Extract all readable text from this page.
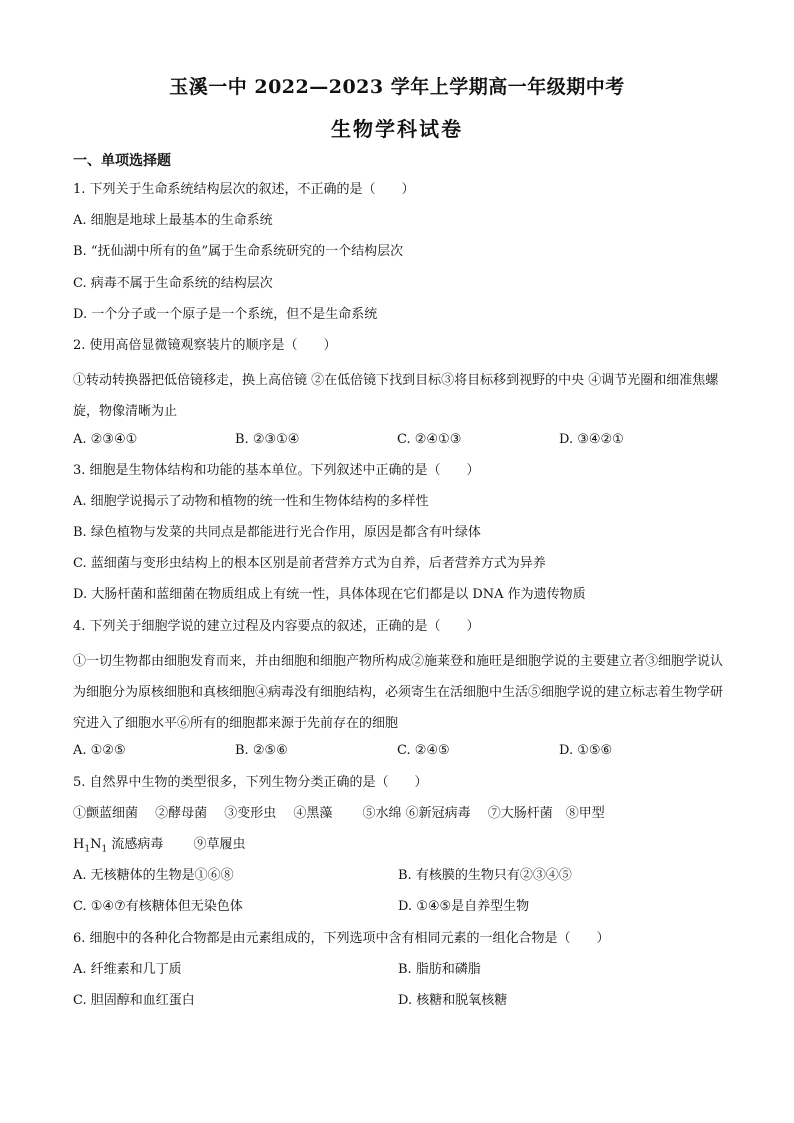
玉溪一中 2022—2023 学年上学期高一年级期中考
生物学科试卷
一、单项选择题
1. 下列关于生命系统结构层次的叙述，不正确的是（　　）
A. 细胞是地球上最基本的生命系统
B. “抚仙湖中所有的鱼”属于生命系统研究的一个结构层次
C. 病毒不属于生命系统的结构层次
D. 一个分子或一个原子是一个系统，但不是生命系统
2. 使用高倍显微镜观察装片的顺序是（　　）
①转动转换器把低倍镜移走，换上高倍镜 ②在低倍镜下找到目标③将目标移到视野的中央 ④调节光圈和细准焦螺旋，物像清晰为止
A. ②③④①	B. ②③①④	C. ②④①③	D. ③④②①
3. 细胞是生物体结构和功能的基本单位。下列叙述中正确的是（　　）
A. 细胞学说揭示了动物和植物的统一性和生物体结构的多样性
B. 绿色植物与发菜的共同点是都能进行光合作用，原因是都含有叶绿体
C. 蓝细菌与变形虫结构上的根本区别是前者营养方式为自养，后者营养方式为异养
D. 大肠杆菌和蓝细菌在物质组成上有统一性，具体体现在它们都是以 DNA 作为遗传物质
4. 下列关于细胞学说的建立过程及内容要点的叙述，正确的是（　　）
①一切生物都由细胞发育而来，并由细胞和细胞产物所构成②施莱登和施旺是细胞学说的主要建立者③细胞学说认为细胞分为原核细胞和真核细胞④病毒没有细胞结构，必须寄生在活细胞中生活⑤细胞学说的建立标志着生物学研究进入了细胞水平⑥所有的细胞都来源于先前存在的细胞
A. ①②⑤	B. ②⑤⑥	C. ②④⑤	D. ①⑤⑥
5. 自然界中生物的类型很多，下列生物分类正确的是（　　）
①颤蓝细菌　 ②酵母菌　 ③变形虫　 ④黑藻　　 ⑤水绵 ⑥新冠病毒　 ⑦大肠杆菌　⑧甲型
$H_1N_1$ 流感病毒　　 ⑨草履虫
A. 无核糖体的生物是①⑥⑧	B. 有核膜的生物只有②③④⑤
C. ①④⑦有核糖体但无染色体	D. ①④⑤是自养型生物
6. 细胞中的各种化合物都是由元素组成的，下列选项中含有相同元素的一组化合物是（　　）
A. 纤维素和几丁质	B. 脂肪和磷脂
C. 胆固醇和血红蛋白	D. 核糖和脱氧核糖
